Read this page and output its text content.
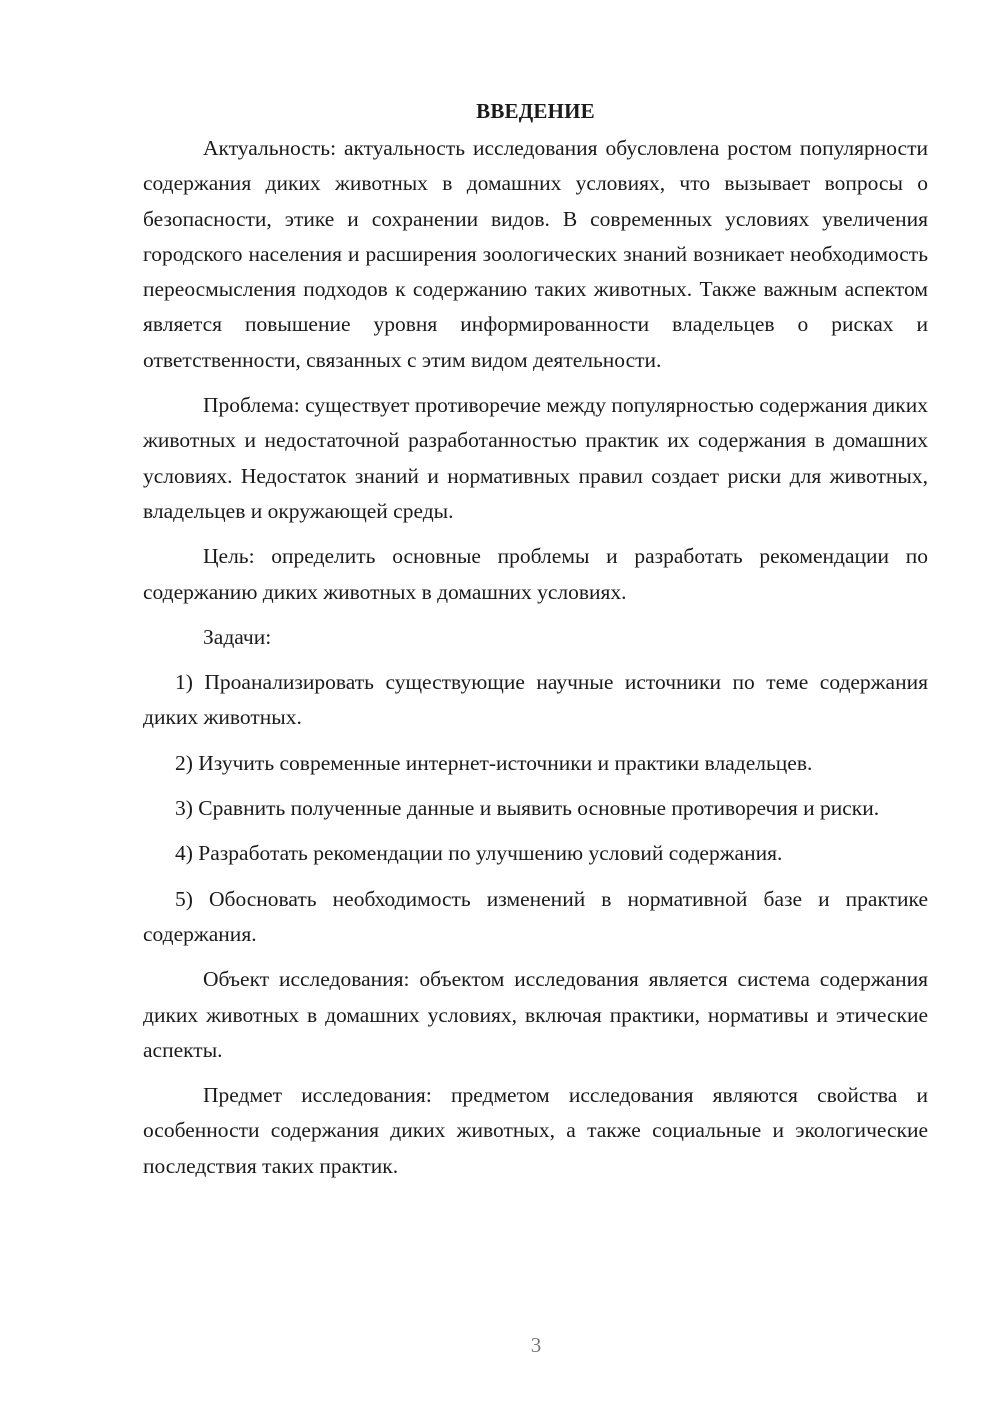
ВВЕДЕНИЕ

Актуальность: актуальность исследования обусловлена ростом популярности содержания диких животных в домашних условиях, что вызывает вопросы о безопасности, этике и сохранении видов. В современных условиях увеличения городского населения и расширения зоологических знаний возникает необходимость переосмысления подходов к содержанию таких животных. Также важным аспектом является повышение уровня информированности владельцев о рисках и ответственности, связанных с этим видом деятельности.

Проблема: существует противоречие между популярностью содержания диких животных и недостаточной разработанностью практик их содержания в домашних условиях. Недостаток знаний и нормативных правил создает риски для животных, владельцев и окружающей среды.

Цель: определить основные проблемы и разработать рекомендации по содержанию диких животных в домашних условиях.

Задачи:

1) Проанализировать существующие научные источники по теме содержания диких животных.

2) Изучить современные интернет-источники и практики владельцев.

3) Сравнить полученные данные и выявить основные противоречия и риски.

4) Разработать рекомендации по улучшению условий содержания.

5) Обосновать необходимость изменений в нормативной базе и практике содержания.

Объект исследования: объектом исследования является система содержания диких животных в домашних условиях, включая практики, нормативы и этические аспекты.

Предмет исследования: предметом исследования являются свойства и особенности содержания диких животных, а также социальные и экологические последствия таких практик.

3
